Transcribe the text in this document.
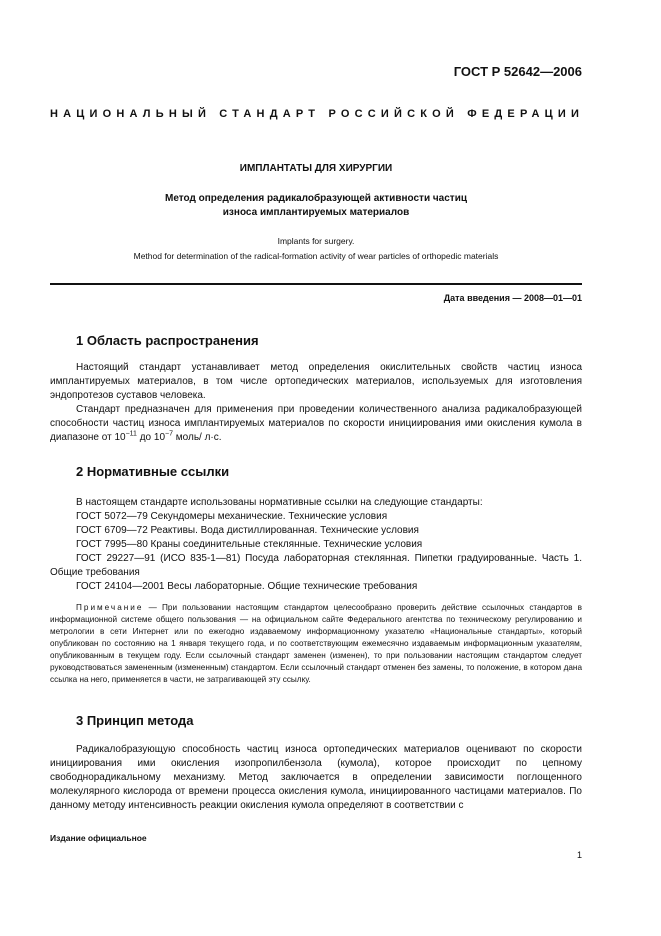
ГОСТ Р 52642—2006
НАЦИОНАЛЬНЫЙ СТАНДАРТ РОССИЙСКОЙ ФЕДЕРАЦИИ
ИМПЛАНТАТЫ ДЛЯ ХИРУРГИИ
Метод определения радикалобразующей активности частиц
износа имплантируемых материалов
Implants for surgery.
Method for determination of the radical-formation activity of wear particles of orthopedic materials
Дата введения — 2008—01—01
1 Область распространения

Настоящий стандарт устанавливает метод определения окислительных свойств частиц износа имплантируемых материалов, в том числе ортопедических материалов, используемых для изготовления эндопротезов суставов человека.

Стандарт предназначен для применения при проведении количественного анализа радикалобразующей способности частиц износа имплантируемых материалов по скорости инициирования ими окисления кумола в диапазоне от $10^{-11}$ до $10^{-7}$ моль/ л·с.

2 Нормативные ссылки
В настоящем стандарте использованы нормативные ссылки на следующие стандарты:
ГОСТ 5072—79 Секундомеры механические. Технические условия
ГОСТ 6709—72 Реактивы. Вода дистиллированная. Технические условия
ГОСТ 7995—80 Краны соединительные стеклянные. Технические условия
ГОСТ 29227—91 (ИСО 835-1—81) Посуда лабораторная стеклянная. Пипетки градуированные. Часть 1. Общие требования
ГОСТ 24104—2001 Весы лабораторные. Общие технические требования
Примечание — При пользовании настоящим стандартом целесообразно проверить действие ссылочных стандартов в информационной системе общего пользования — на официальном сайте Федерального агентства по техническому регулированию и метрологии в сети Интернет или по ежегодно издаваемому информационному указателю «Национальные стандарты», который опубликован по состоянию на 1 января текущего года, и по соответствующим ежемесячно издаваемым информационным указателям, опубликованным в текущем году. Если ссылочный стандарт заменен (изменен), то при пользовании настоящим стандартом следует руководствоваться замененным (измененным) стандартом. Если ссылочный стандарт отменен без замены, то положение, в котором дана ссылка на него, применяется в части, не затрагивающей эту ссылку.
3 Принцип метода

Радикалобразующую способность частиц износа ортопедических материалов оценивают по скорости инициирования ими окисления изопропилбензола (кумола), которое происходит по цепному свободнорадикальному механизму. Метод заключается в определении зависимости поглощенного молекулярного кислорода от времени процесса окисления кумола, инициированного частицами материалов. По данному методу интенсивность реакции окисления кумола определяют в соответствии с

Издание официальное
1
